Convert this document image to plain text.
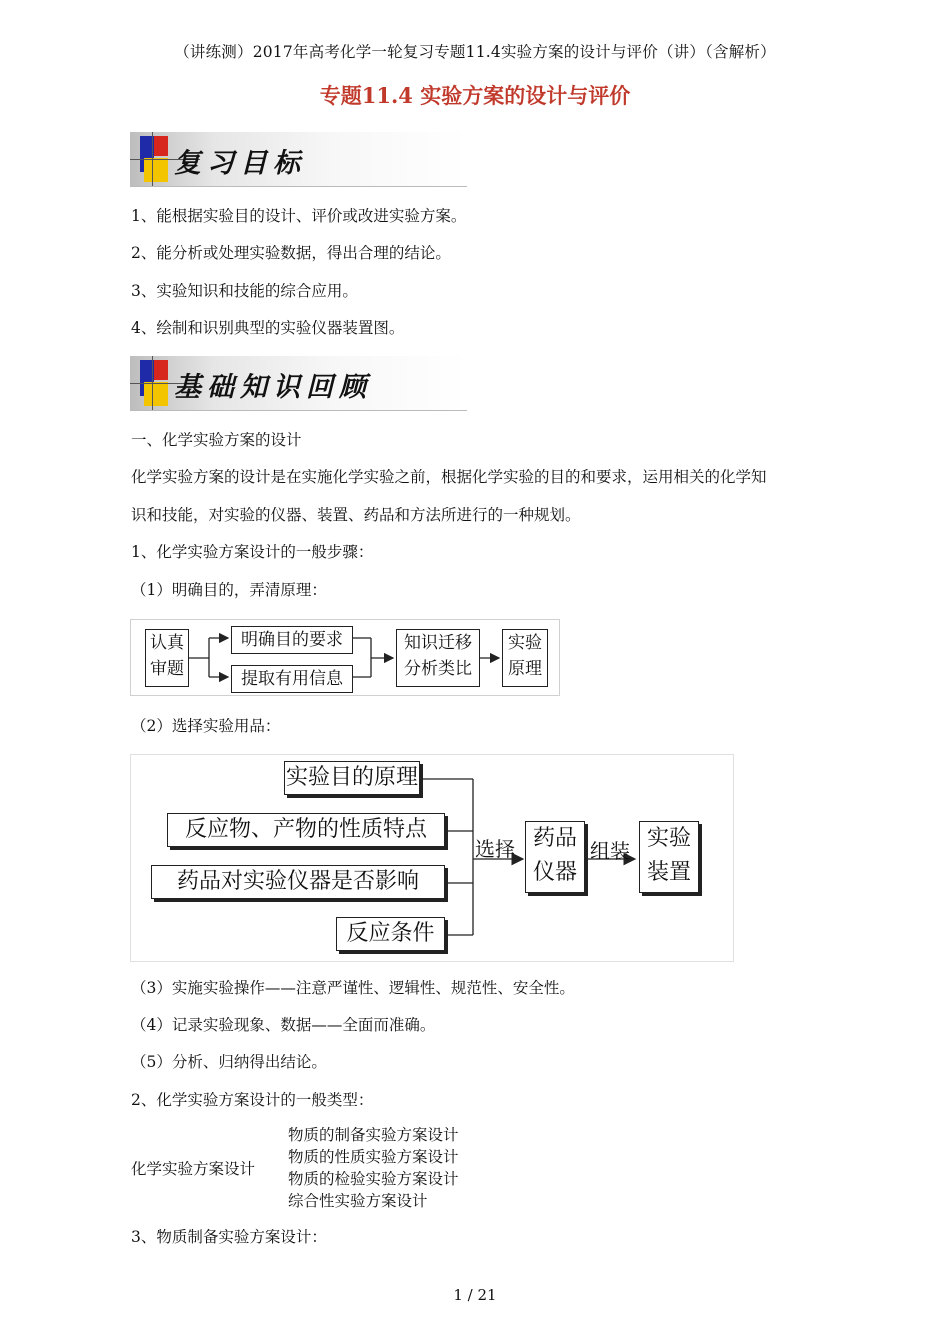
（讲练测）2017年高考化学一轮复习专题11.4实验方案的设计与评价（讲）（含解析）
专题11.4 实验方案的设计与评价
复习目标
1、能根据实验目的设计、评价或改进实验方案。
2、能分析或处理实验数据，得出合理的结论。
3、实验知识和技能的综合应用。
4、绘制和识别典型的实验仪器装置图。
基础知识回顾
一、化学实验方案的设计
化学实验方案的设计是在实施化学实验之前，根据化学实验的目的和要求，运用相关的化学知
识和技能，对实验的仪器、装置、药品和方法所进行的一种规划。
1、化学实验方案设计的一般步骤：
（1）明确目的，弄清原理：
认真
审题
明确目的要求
提取有用信息
知识迁移
分析类比
实验
原理
（2）选择实验用品：
实验目的原理
反应物、产物的性质特点
药品对实验仪器是否影响
反应条件
选择 药品
仪器
组装 实验
装置
（3）实施实验操作——注意严谨性、逻辑性、规范性、安全性。
（4）记录实验现象、数据——全面而准确。
（5）分析、归纳得出结论。
2、化学实验方案设计的一般类型：
化学实验方案设计
物质的制备实验方案设计
物质的性质实验方案设计
物质的检验实验方案设计
综合性实验方案设计
3、物质制备实验方案设计：
1 / 21
